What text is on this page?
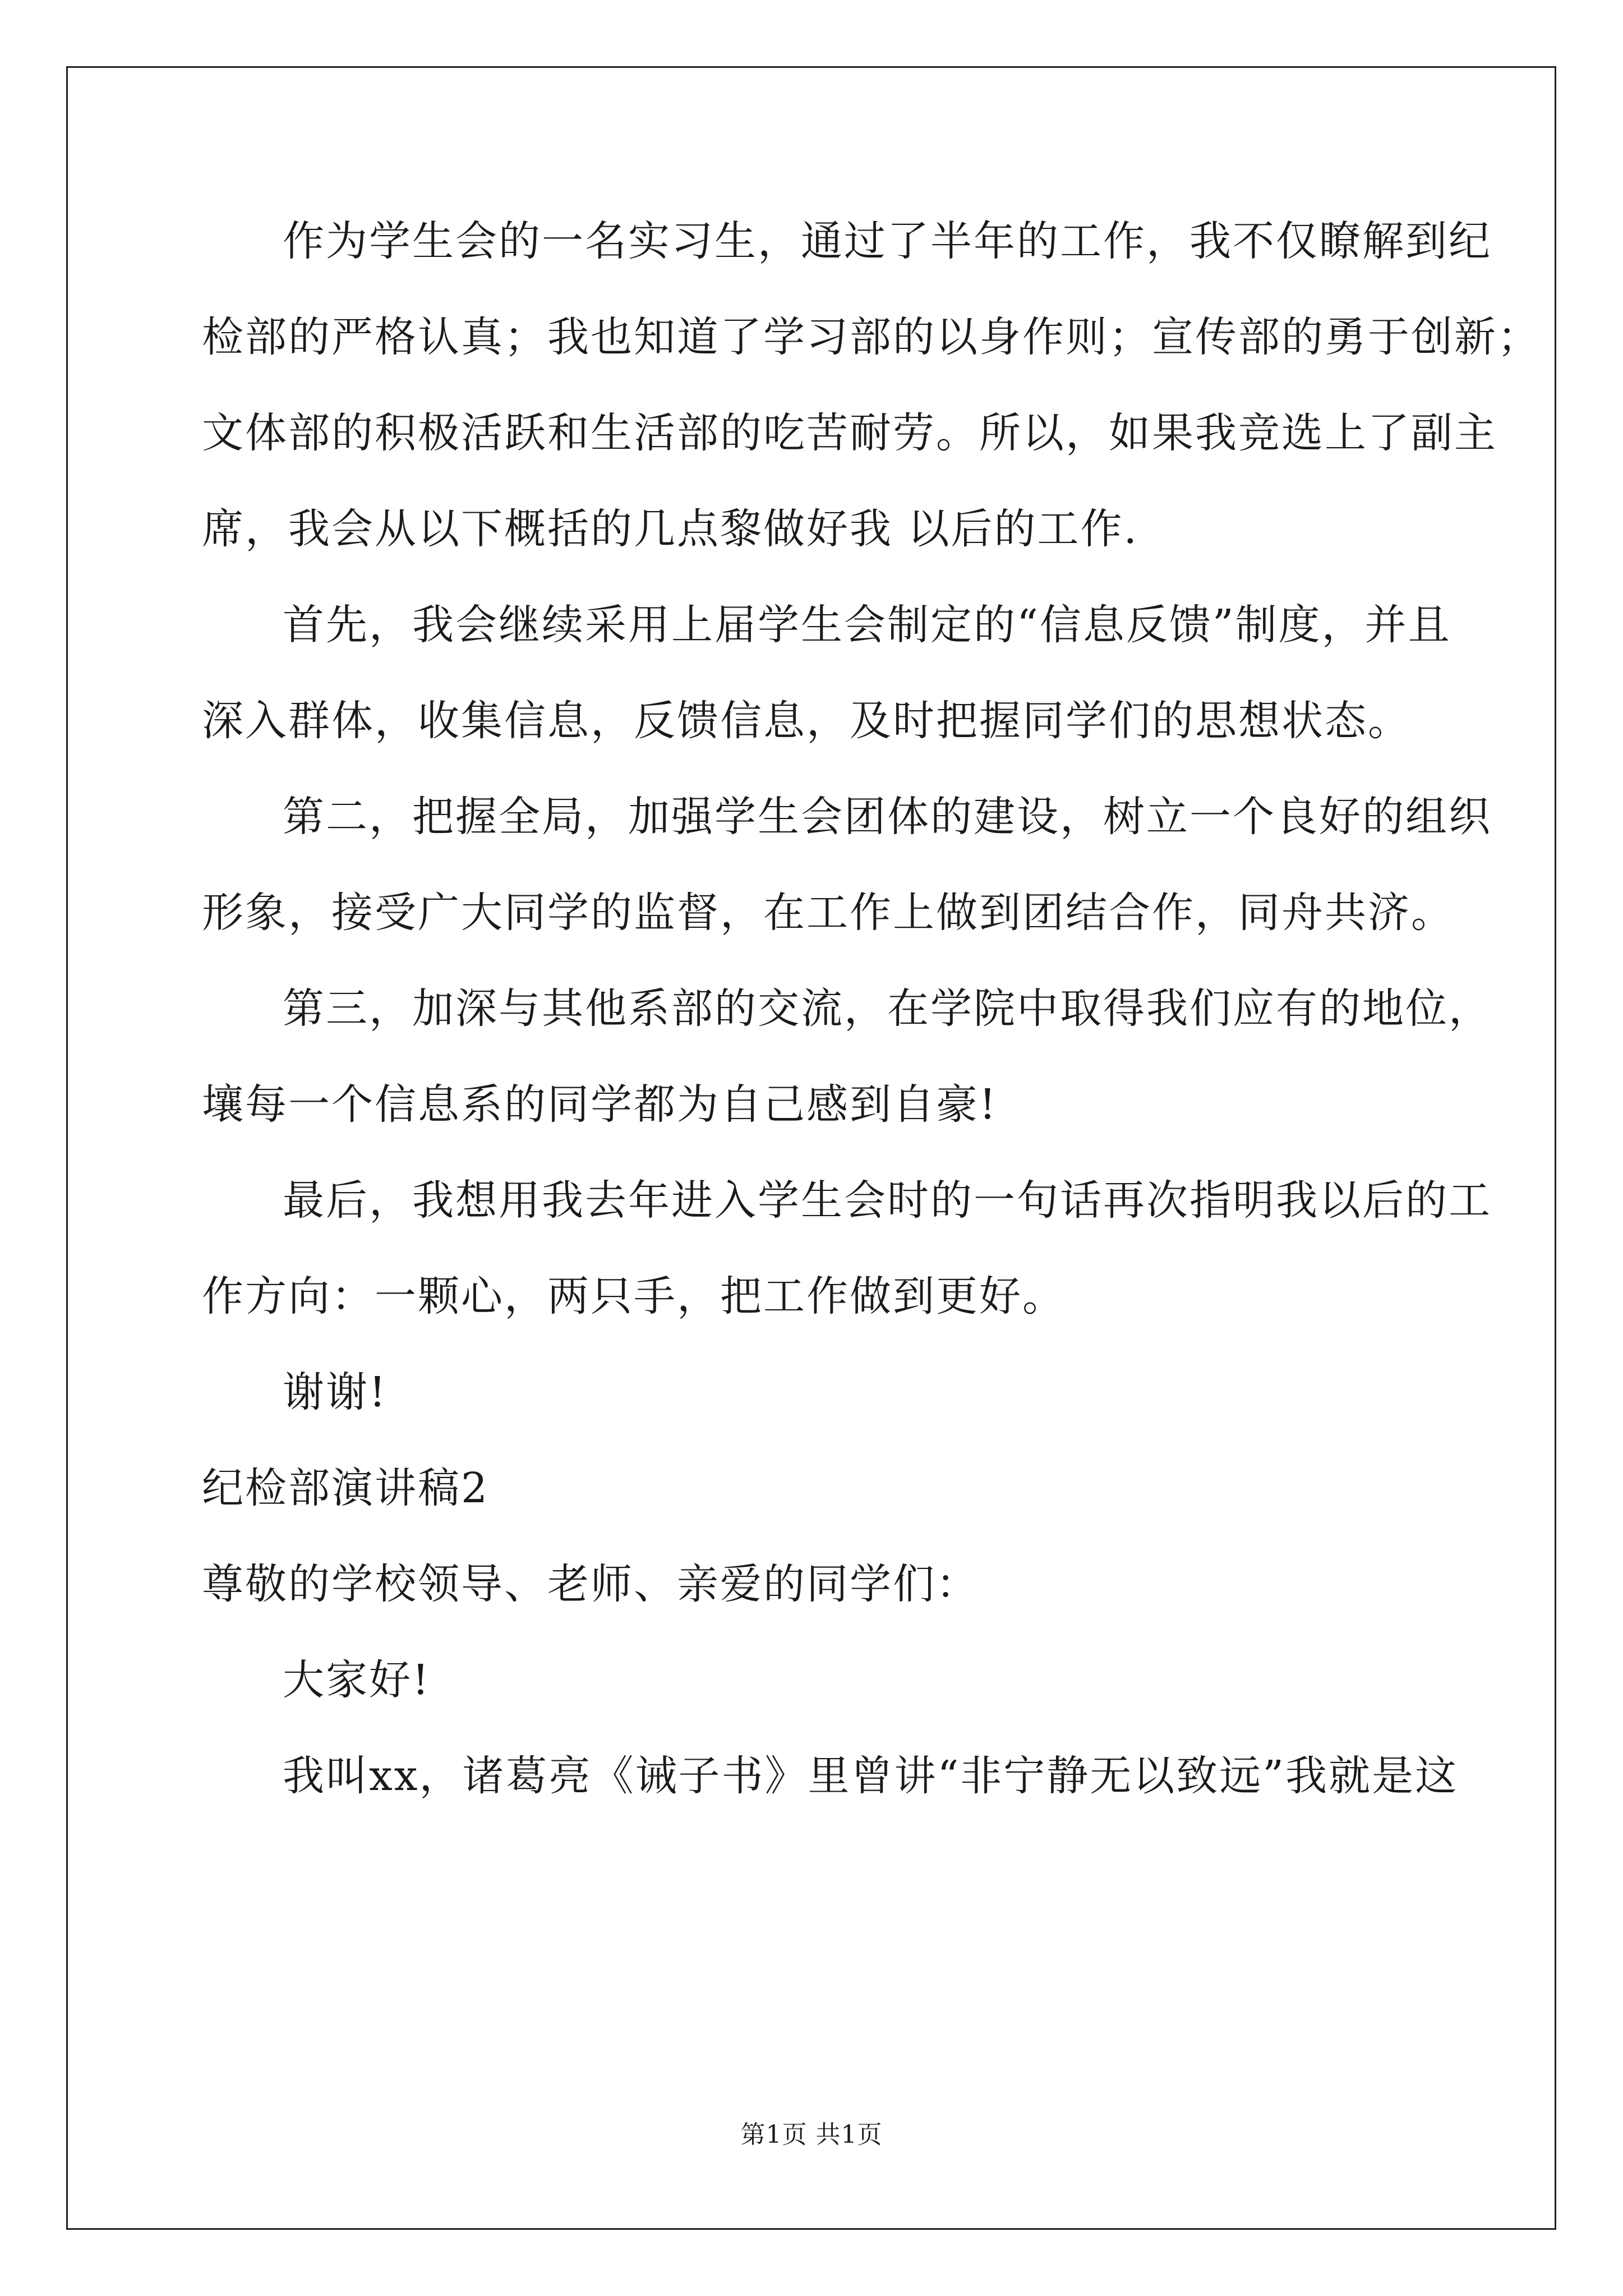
作为学生会的一名实习生，通过了半年的工作，我不仅瞭解到纪
检部的严格认真；我也知道了学习部的以身作则；宣传部的勇于创新；
文体部的积极活跃和生活部的吃苦耐劳。所以，如果我竞选上了副主
席，我会从以下概括的几点黎做好我 以后的工作.
首先，我会继续采用上届学生会制定的“信息反馈”制度，并且
深入群体，收集信息，反馈信息，及时把握同学们的思想状态。
第二，把握全局，加强学生会团体的建设，树立一个良好的组织
形象，接受广大同学的监督，在工作上做到团结合作，同舟共济。
第三，加深与其他系部的交流，在学院中取得我们应有的地位，
壤每一个信息系的同学都为自己感到自豪!
最后，我想用我去年进入学生会时的一句话再次指明我以后的工
作方向：一颗心，两只手，把工作做到更好。
谢谢!
纪检部演讲稿2
尊敬的学校领导、老师、亲爱的同学们：
大家好!
我叫xx，诸葛亮《诫子书》里曾讲“非宁静无以致远”我就是这
第1页 共1页
